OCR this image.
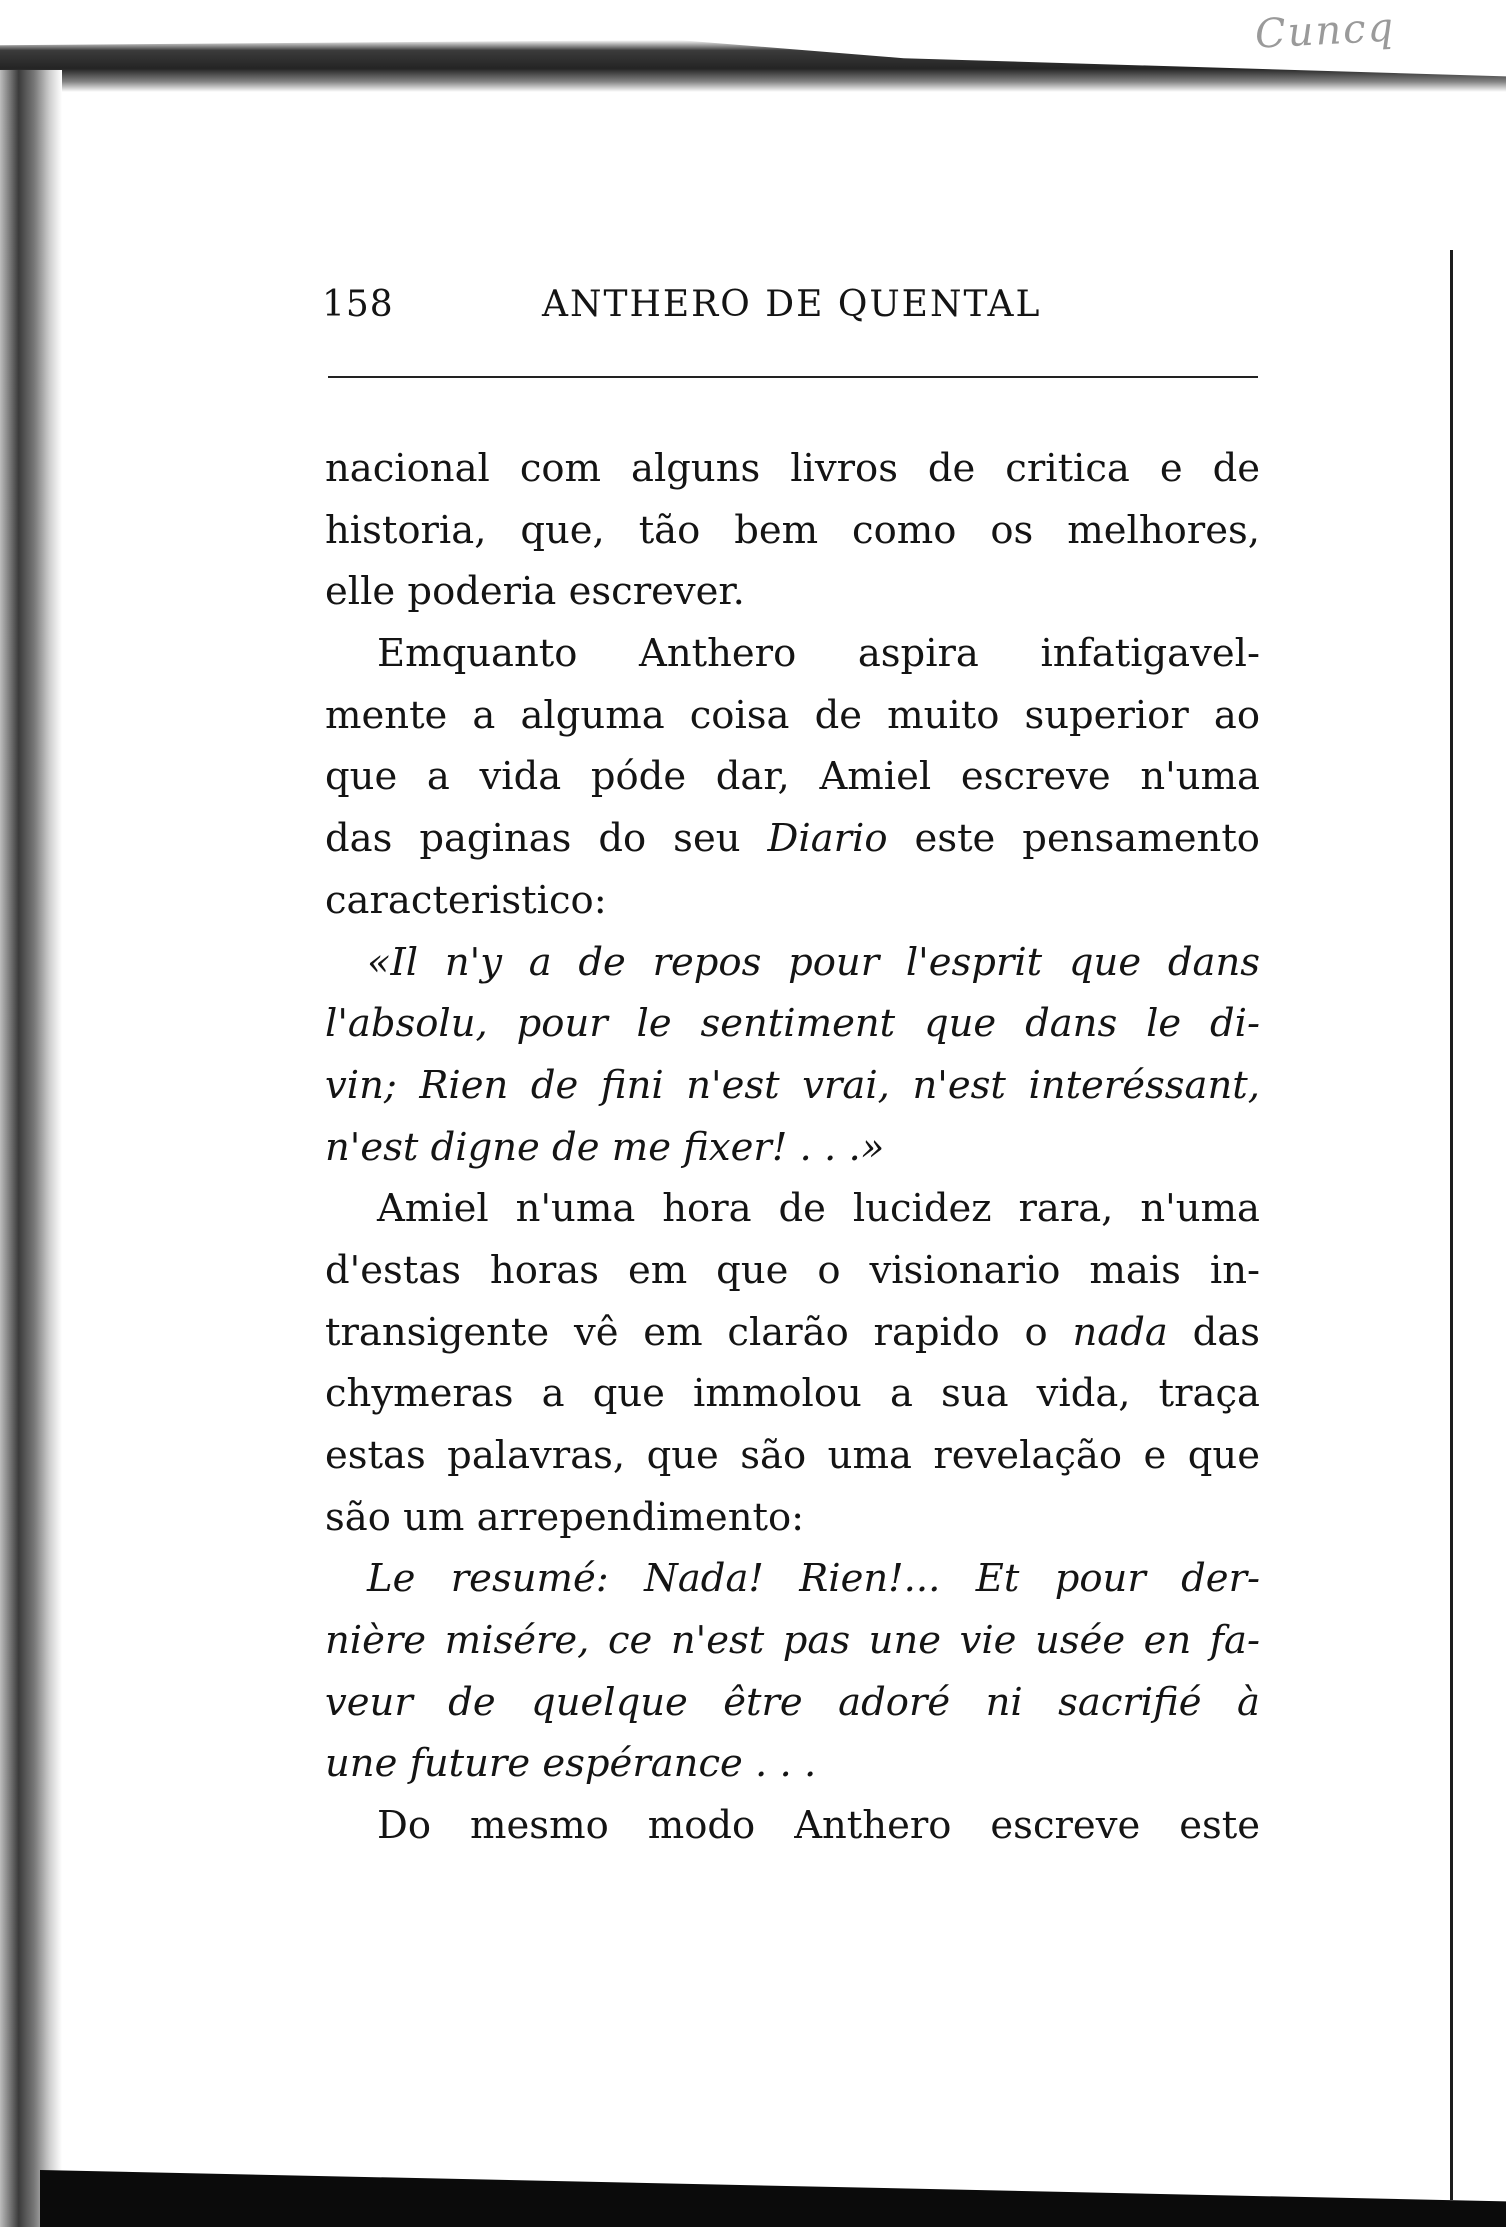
Cuncq
158	ANTHERO DE QUENTAL
nacional com alguns livros de critica e de
historia, que, tão bem como os melhores,
elle poderia escrever.
Emquanto Anthero aspira infatigavel-
mente a alguma coisa de muito superior ao
que a vida póde dar, Amiel escreve n'uma
das paginas do seu Diario este pensamento
caracteristico:
«Il n'y a de repos pour l'esprit que dans
l'absolu, pour le sentiment que dans le di-
vin; Rien de fini n'est vrai, n'est interéssant,
n'est digne de me fixer! . . .»
Amiel n'uma hora de lucidez rara, n'uma
d'estas horas em que o visionario mais in-
transigente vê em clarão rapido o nada das
chymeras a que immolou a sua vida, traça
estas palavras, que são uma revelação e que
são um arrependimento:
Le resumé: Nada! Rien!... Et pour der-
nière misére, ce n'est pas une vie usée en fa-
veur de quelque être adoré ni sacrifié à
une future espérance . . .
Do mesmo modo Anthero escreve este
